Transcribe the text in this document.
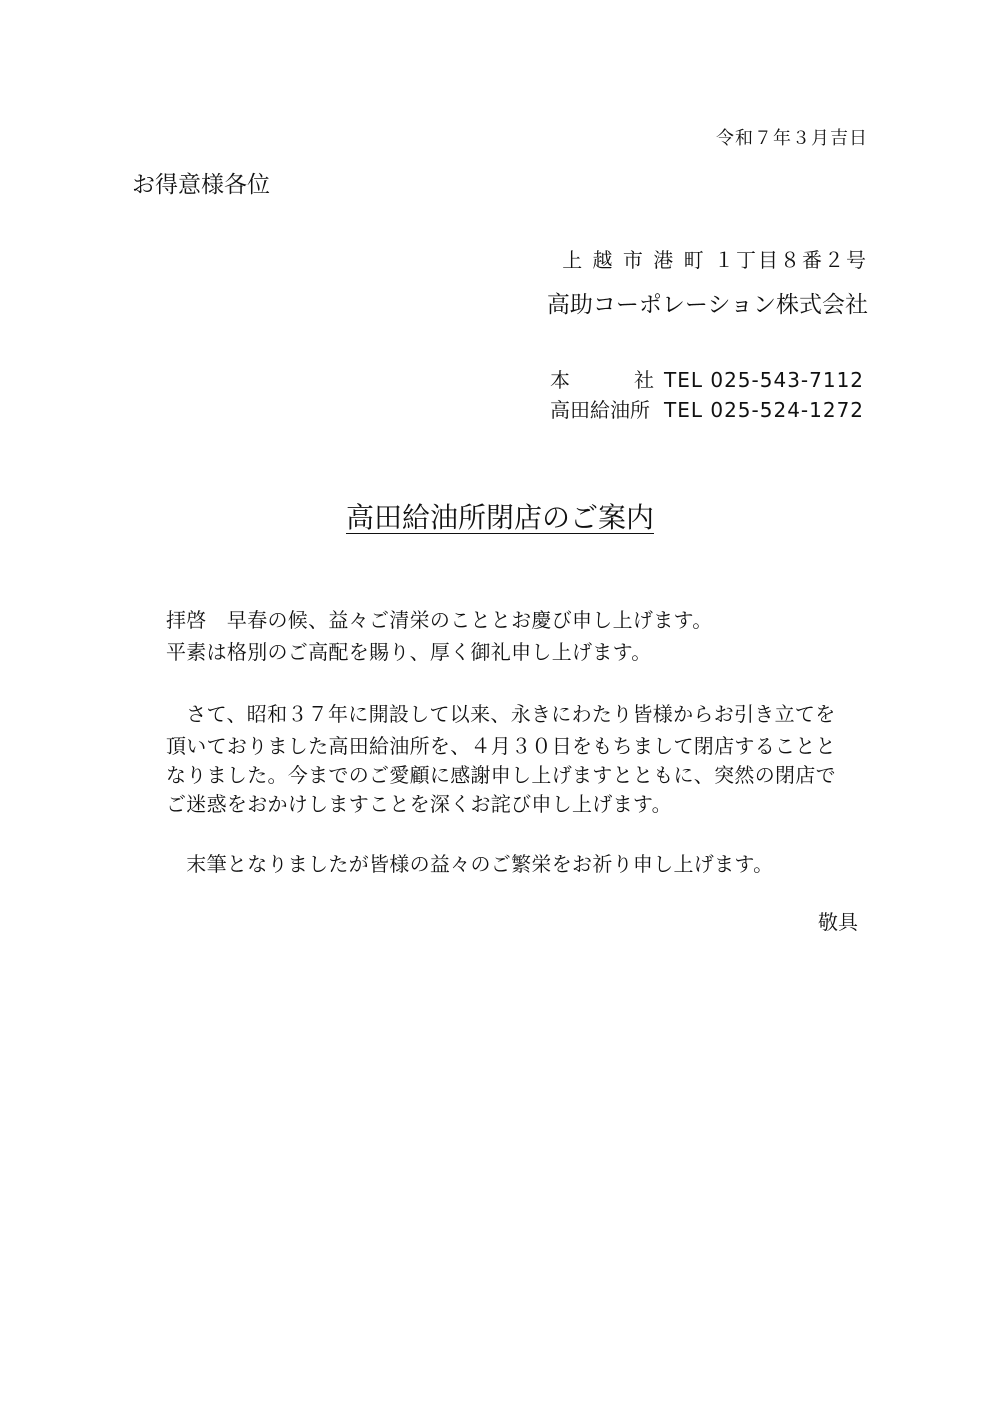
令和７年３月吉日
お得意様各位
上 越 市 港 町 １丁目８番２号
高助コーポレーション株式会社
本 社 TEL 025-543-7112
高田給油所 TEL 025-524-1272
高田給油所閉店のご案内
拝啓　早春の候、益々ご清栄のこととお慶び申し上げます。
平素は格別のご高配を賜り、厚く御礼申し上げます。
　さて、昭和３７年に開設して以来、永きにわたり皆様からお引き立てを
頂いておりました高田給油所を、４月３０日をもちまして閉店することと
なりました。今までのご愛顧に感謝申し上げますとともに、突然の閉店で
ご迷惑をおかけしますことを深くお詫び申し上げます。
　末筆となりましたが皆様の益々のご繁栄をお祈り申し上げます。
敬具
